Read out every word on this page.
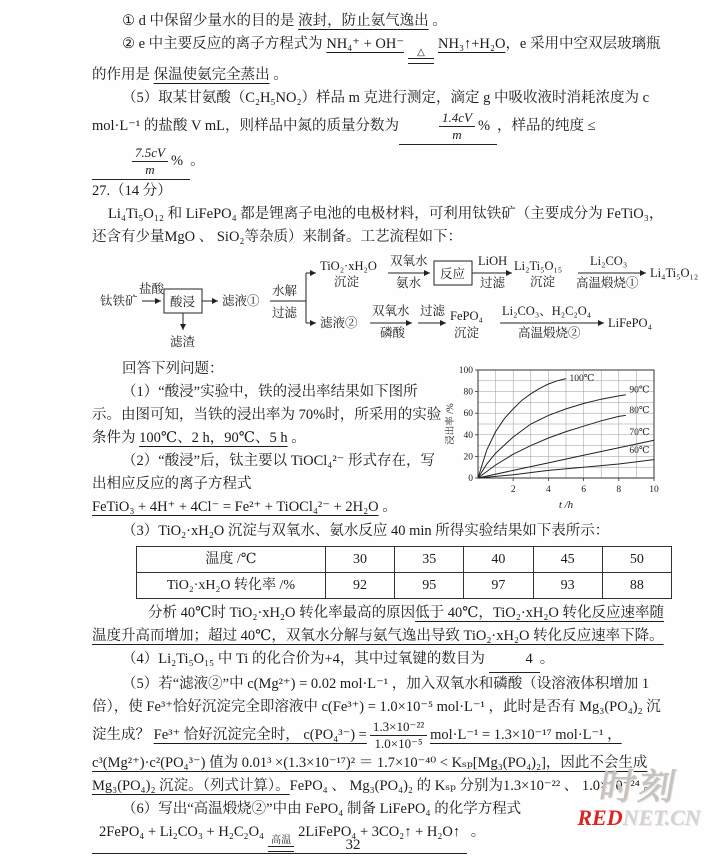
① d 中保留少量水的目的是 液封，防止氨气逸出 。

② e 中主要反应的离子方程式为 NH₄⁺ + OH⁻
△
NH₃↑+H₂O，e 采用中空双层玻璃瓶的作用是 保温使氨完全蒸出 。

（5）取某甘氨酸（C₂H₅NO₂）样品 m 克进行测定，滴定 g 中吸收液时消耗浓度为 c mol·L⁻¹ 的盐酸 V mL，则样品中氮的质量分数为	$\frac{1.4cV}{m}$ % ，样品的纯度 ≤
$\frac{7.5cV}{m}$ % 。

27.（14 分）

Li₄Ti₅O₁₂ 和 LiFePO₄ 都是锂离子电池的电极材料，可利用钛铁矿（主要成分为 FeTiO₃，还含有少量MgO 、 SiO₂等杂质）来制备。工艺流程如下：

钛铁矿
盐酸
酸浸
滤渣
滤液①
水解
过滤
TiO₂·xH₂O
沉淀
双氧水
氨水
反应
LiOH
过滤
Li₂Ti₅O₁₅
沉淀
Li₂CO₃
高温煅烧①
Li₄Ti₅O₁₂
滤液②
双氧水
磷酸
过滤 FePO₄
沉淀
Li₂CO₃、H₂C₂O₄
高温煅烧②
LiFePO₄

回答下列问题：

（1）“酸浸”实验中，铁的浸出率结果如下图所示。由图可知，当铁的浸出率为 70%时，所采用的实验条件为 100℃、2 h，90℃、5 h 。

（2）“酸浸”后，钛主要以 TiOCl₄²⁻ 形式存在，写出相应反应的离子方程式

FeTiO₃ + 4H⁺ + 4Cl⁻ = Fe²⁺ + TiOCl₄²⁻ + 2H₂O 。

0
20
40
60
80
100
2	4	6	8	10
100℃
90℃
80℃
70℃
60℃
t /h
浸出率 /%

（3）TiO₂·xH₂O 沉淀与双氧水、氨水反应 40 min 所得实验结果如下表所示：

温度 /℃	30	35	40	45	50
TiO₂·xH₂O 转化率 /%	92	95	97	93	88

分析 40℃时 TiO₂·xH₂O 转化率最高的原因低于 40℃，TiO₂·xH₂O 转化反应速率随温度升高而增加；超过 40℃，双氧水分解与氨气逸出导致 TiO₂·xH₂O 转化反应速率下降。

（4）Li₂Ti₅O₁₅ 中 Ti 的化合价为+4，其中过氧键的数目为	4 。

（5）若“滤液②”中 c(Mg²⁺) = 0.02 mol·L⁻¹ ，加入双氧水和磷酸（设溶液体积增加 1 倍），使 Fe³⁺恰好沉淀完全即溶液中 c(Fe³⁺) = 1.0×10⁻⁵ mol·L⁻¹ ，此时是否有 Mg₃(PO₄)₂ 沉淀生成？ Fe³⁺ 恰好沉淀完全时， $c(PO_4^{3-}) = \frac{\text{1.3×10⁻²²}}{\text{1.0×10⁻⁵}} mol\cdot L^{-1} = 1.3\times 10^{-17}$ mol·L⁻¹ ，c³(Mg²⁺)·c²(PO₄³⁻) 值为 0.01³ ×(1.3×10⁻¹⁷)² ＝ 1.7×10⁻⁴⁰ < Kₛₚ[Mg₃(PO₄)₂]，因此不会生成 Mg₃(PO₄)₂ 沉淀。（列式计算）。FePO₄ 、 Mg₃(PO₄)₂ 的 Kₛₚ 分别为1.3×10⁻²² 、 1.0×10⁻²⁴ 。

（6）写出“高温煅烧②”中由 FePO₄ 制备 LiFePO₄ 的化学方程式

2FePO₄ + Li₂CO₃ + H₂C₂O₄
高温
2LiFePO₄ + 3CO₂↑ + H₂O↑ 。

时刻
REDNET.CN
32
